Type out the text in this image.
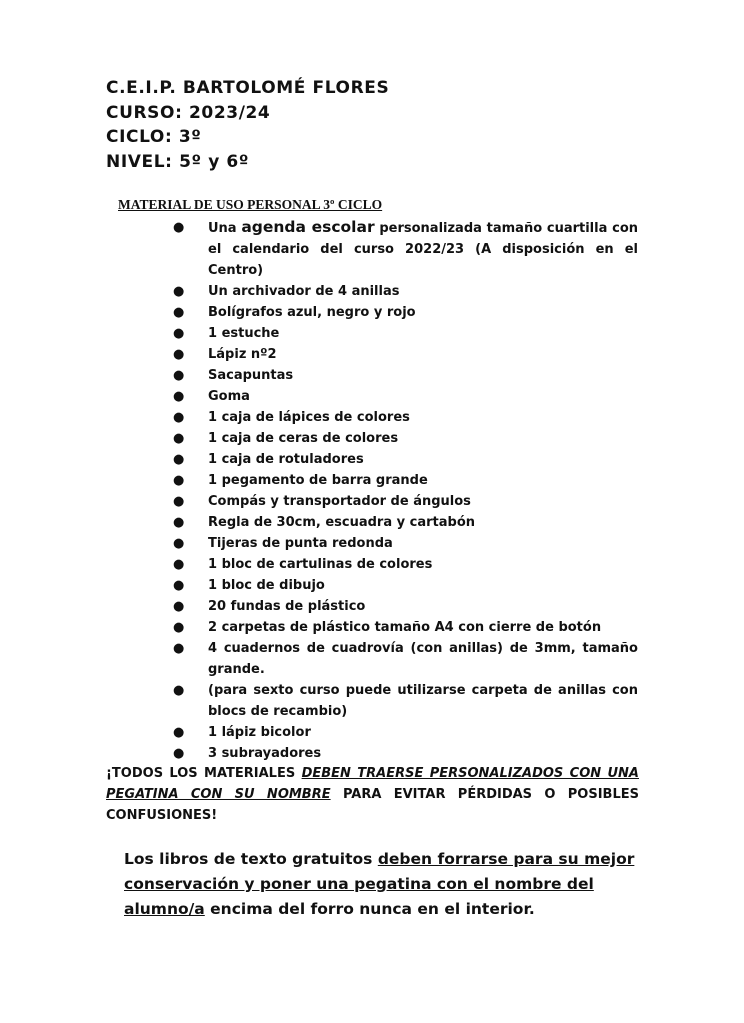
C.E.I.P. BARTOLOMÉ FLORES
CURSO: 2023/24
CICLO: 3º
NIVEL: 5º y 6º
MATERIAL DE USO PERSONAL 3º CICLO
● Una agenda escolar personalizada tamaño cuartilla con el calendario del curso 2022/23 (A disposición en el Centro)
● Un archivador de 4 anillas
● Bolígrafos azul, negro y rojo
● 1 estuche
● Lápiz nº2
● Sacapuntas
● Goma
● 1 caja de lápices de colores
● 1 caja de ceras de colores
● 1 caja de rotuladores
● 1 pegamento de barra grande
● Compás y transportador de ángulos
● Regla de 30cm, escuadra y cartabón
● Tijeras de punta redonda
● 1 bloc de cartulinas de colores
● 1 bloc de dibujo
● 20 fundas de plástico
● 2 carpetas de plástico tamaño A4 con cierre de botón
● 4 cuadernos de cuadrovía (con anillas) de 3mm, tamaño grande.
● (para sexto curso puede utilizarse carpeta de anillas con blocs de recambio)
● 1 lápiz bicolor
● 3 subrayadores
¡TODOS LOS MATERIALES DEBEN TRAERSE PERSONALIZADOS CON UNA PEGATINA CON SU NOMBRE PARA EVITAR PÉRDIDAS O POSIBLES CONFUSIONES!
Los libros de texto gratuitos deben forrarse para su mejor conservación y poner una pegatina con el nombre del alumno/a encima del forro nunca en el interior.
